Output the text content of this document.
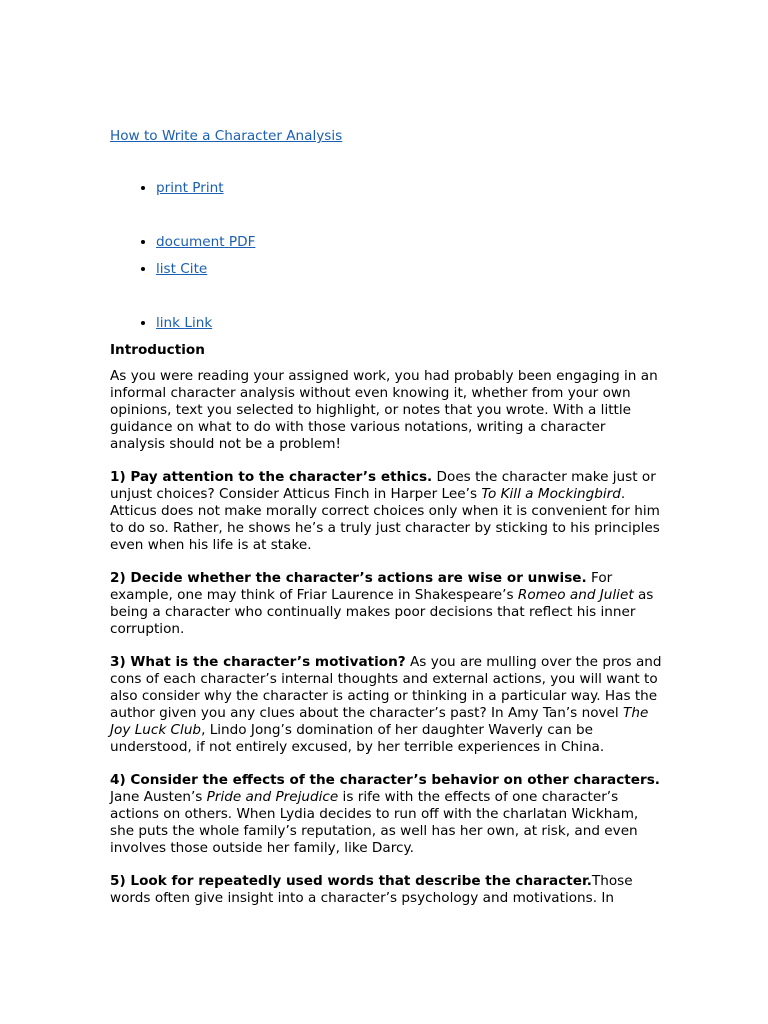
How to Write a Character Analysis
• print Print
• document PDF
• list Cite
• link Link
Introduction

As you were reading your assigned work, you had probably been engaging in an informal character analysis without even knowing it, whether from your own opinions, text you selected to highlight, or notes that you wrote. With a little guidance on what to do with those various notations, writing a character analysis should not be a problem!

1) Pay attention to the character’s ethics. Does the character make just or unjust choices? Consider Atticus Finch in Harper Lee’s To Kill a Mockingbird. Atticus does not make morally correct choices only when it is convenient for him to do so. Rather, he shows he’s a truly just character by sticking to his principles even when his life is at stake.

2) Decide whether the character’s actions are wise or unwise. For example, one may think of Friar Laurence in Shakespeare’s Romeo and Juliet as being a character who continually makes poor decisions that reflect his inner corruption.

3) What is the character’s motivation? As you are mulling over the pros and cons of each character’s internal thoughts and external actions, you will want to also consider why the character is acting or thinking in a particular way. Has the author given you any clues about the character’s past? In Amy Tan’s novel The Joy Luck Club, Lindo Jong’s domination of her daughter Waverly can be understood, if not entirely excused, by her terrible experiences in China.

4) Consider the effects of the character’s behavior on other characters. Jane Austen’s Pride and Prejudice is rife with the effects of one character’s actions on others. When Lydia decides to run off with the charlatan Wickham, she puts the whole family’s reputation, as well has her own, at risk, and even involves those outside her family, like Darcy.

5) Look for repeatedly used words that describe the character.Those words often give insight into a character’s psychology and motivations. In
